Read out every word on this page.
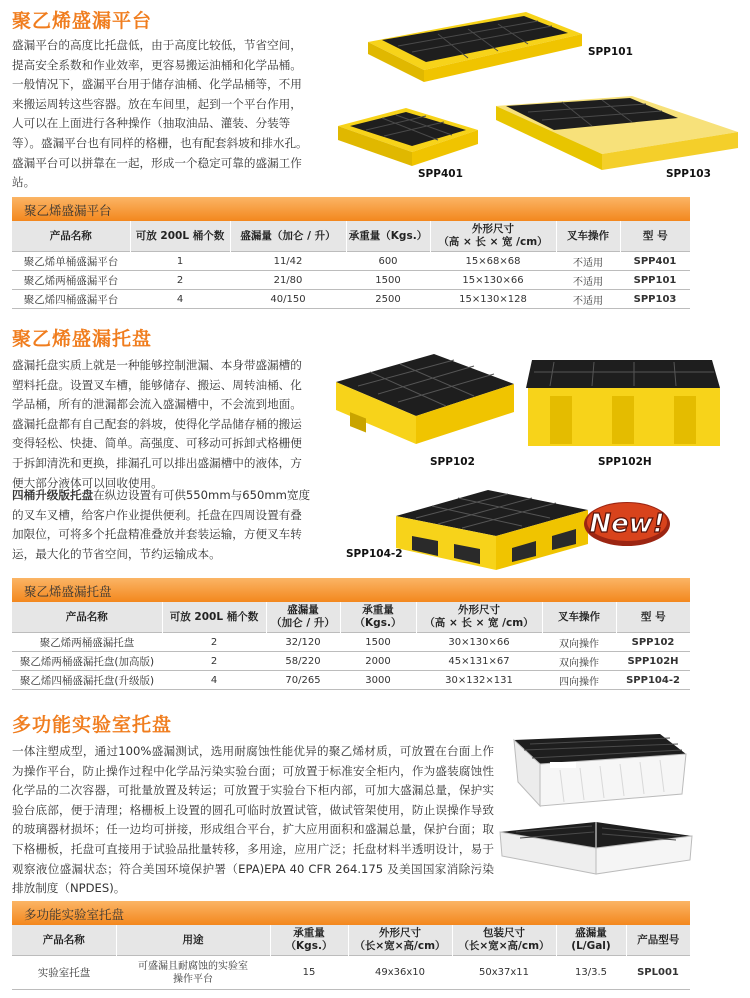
聚乙烯盛漏平台
盛漏平台的高度比托盘低，由于高度比较低，节省空间，提高安全系数和作业效率，更容易搬运油桶和化学品桶。一般情况下，盛漏平台用于储存油桶、化学品桶等，不用来搬运周转这些容器。放在车间里，起到一个平台作用，人可以在上面进行各种操作（抽取油品、灌装、分装等等）。盛漏平台也有同样的格栅，也有配套斜坡和排水孔。盛漏平台可以拼靠在一起，形成一个稳定可靠的盛漏工作站。
SPP101
SPP401	SPP103
聚乙烯盛漏平台
产品名称	可放 200L 桶个数	盛漏量（加仑 / 升）	承重量（Kgs.）	外形尺寸
（高 × 长 × 宽 /cm）	叉车操作	型 号
聚乙烯单桶盛漏平台	1	11/42	600	15×68×68	不适用	SPP401
聚乙烯两桶盛漏平台	2	21/80	1500	15×130×66	不适用	SPP101
聚乙烯四桶盛漏平台	4	40/150	2500	15×130×128	不适用	SPP103
聚乙烯盛漏托盘
盛漏托盘实质上就是一种能够控制泄漏、本身带盛漏槽的塑料托盘。设置叉车槽，能够储存、搬运、周转油桶、化学品桶，所有的泄漏都会流入盛漏槽中，不会流到地面。盛漏托盘都有自己配套的斜坡，使得化学品储存桶的搬运变得轻松、快捷、简单。高强度、可移动可拆卸式格栅便于拆卸清洗和更换，排漏孔可以排出盛漏槽中的液体，方便大部分液体可以回收使用。
四桶升级版托盘在纵边设置有可供550mm与650mm宽度的叉车叉槽，给客户作业提供便利。托盘在四周设置有叠加限位，可将多个托盘精准叠放并套装运输，方便叉车转运，最大化的节省空间，节约运输成本。
SPP102	SPP102H
SPP104-2
New!
聚乙烯盛漏托盘
产品名称	可放 200L 桶个数	盛漏量
（加仑 / 升）	承重量
（Kgs.）	外形尺寸
（高 × 长 × 宽 /cm）	叉车操作	型 号
聚乙烯两桶盛漏托盘	2	32/120	1500	30×130×66	双向操作	SPP102
聚乙烯两桶盛漏托盘(加高版)	2	58/220	2000	45×131×67	双向操作	SPP102H
聚乙烯四桶盛漏托盘(升级版)	4	70/265	3000	30×132×131	四向操作	SPP104-2
多功能实验室托盘
一体注塑成型，通过100%盛漏测试，选用耐腐蚀性能优异的聚乙烯材质，可放置在台面上作为操作平台，防止操作过程中化学品污染实验台面；可放置于标准安全柜内，作为盛装腐蚀性化学品的二次容器，可批量放置及转运；可放置于实验台下柜内部，可加大盛漏总量，保护实验台底部，便于清理；格栅板上设置的圆孔可临时放置试管，做试管架使用，防止误操作导致的玻璃器材损坏；任一边均可拼接，形成组合平台，扩大应用面积和盛漏总量，保护台面；取下格栅板，托盘可直接用于试验品批量转移，多用途，应用广泛；托盘材料半透明设计，易于观察液位盛漏状态；符合美国环境保护署（EPA)EPA 40 CFR 264.175 及美国国家消除污染排放制度（NPDES)。
多功能实验室托盘
产品名称	用途	承重量
（Kgs.）	外形尺寸
（长×宽×高/cm）	包装尺寸
（长×宽×高/cm）	盛漏量(L/Gal)	产品型号
实验室托盘	可盛漏且耐腐蚀的实验室
操作平台	15	49x36x10	50x37x11	13/3.5	SPL001
